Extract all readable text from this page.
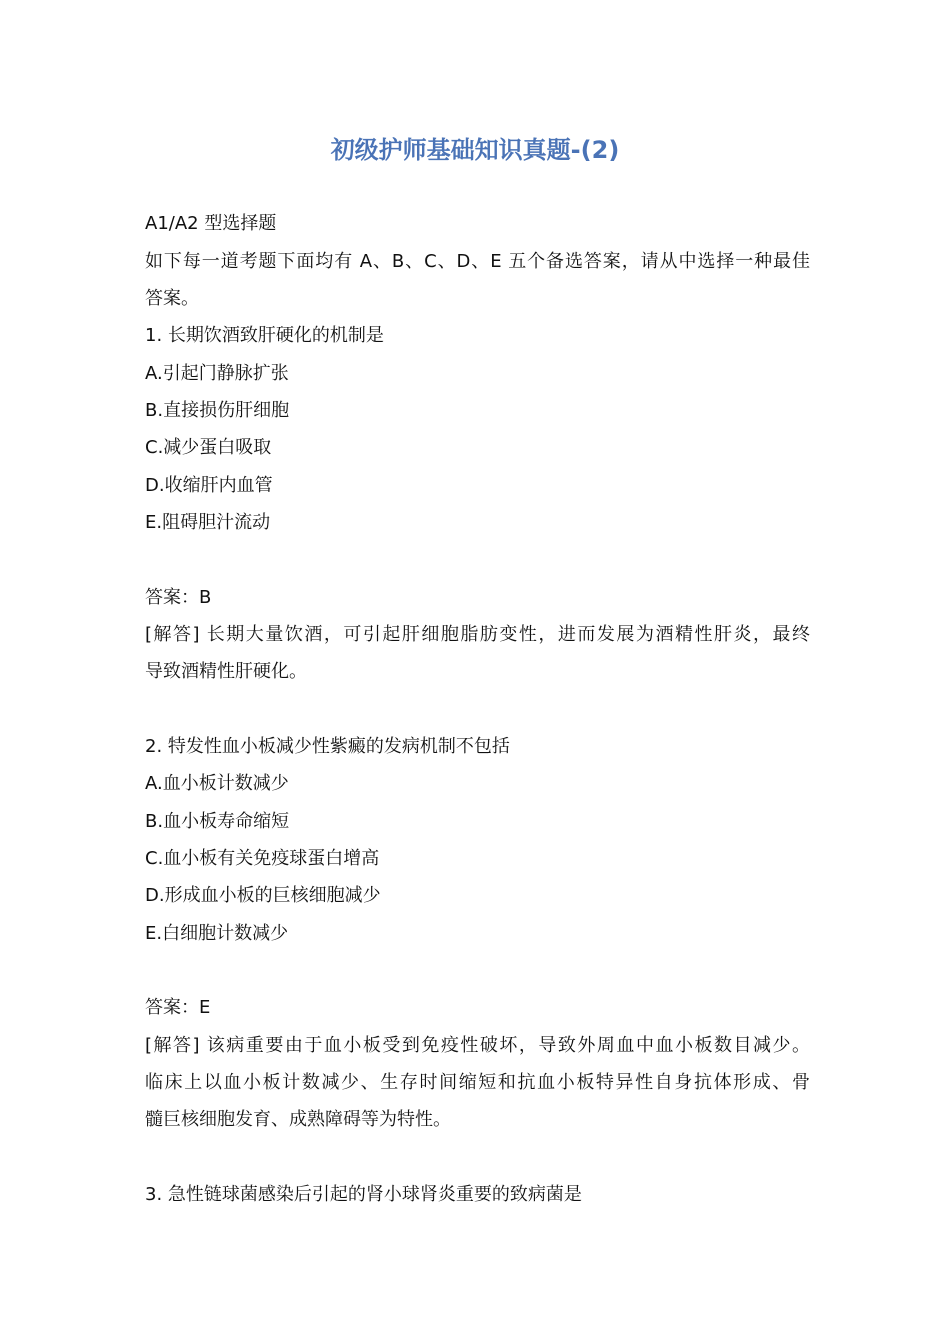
初级护师基础知识真题-(2)
A1/A2 型选择题
如下每一道考题下面均有 A、B、C、D、E 五个备选答案，请从中选择一种最佳
答案。
1. 长期饮酒致肝硬化的机制是
A.引起门静脉扩张
B.直接损伤肝细胞
C.减少蛋白吸取
D.收缩肝内血管
E.阻碍胆汁流动
答案：B
[解答] 长期大量饮酒，可引起肝细胞脂肪变性，进而发展为酒精性肝炎，最终
导致酒精性肝硬化。
2. 特发性血小板减少性紫癜的发病机制不包括
A.血小板计数减少
B.血小板寿命缩短
C.血小板有关免疫球蛋白增高
D.形成血小板的巨核细胞减少
E.白细胞计数减少
答案：E
[解答] 该病重要由于血小板受到免疫性破坏，导致外周血中血小板数目减少。
临床上以血小板计数减少、生存时间缩短和抗血小板特异性自身抗体形成、骨
髓巨核细胞发育、成熟障碍等为特性。
3. 急性链球菌感染后引起的肾小球肾炎重要的致病菌是
